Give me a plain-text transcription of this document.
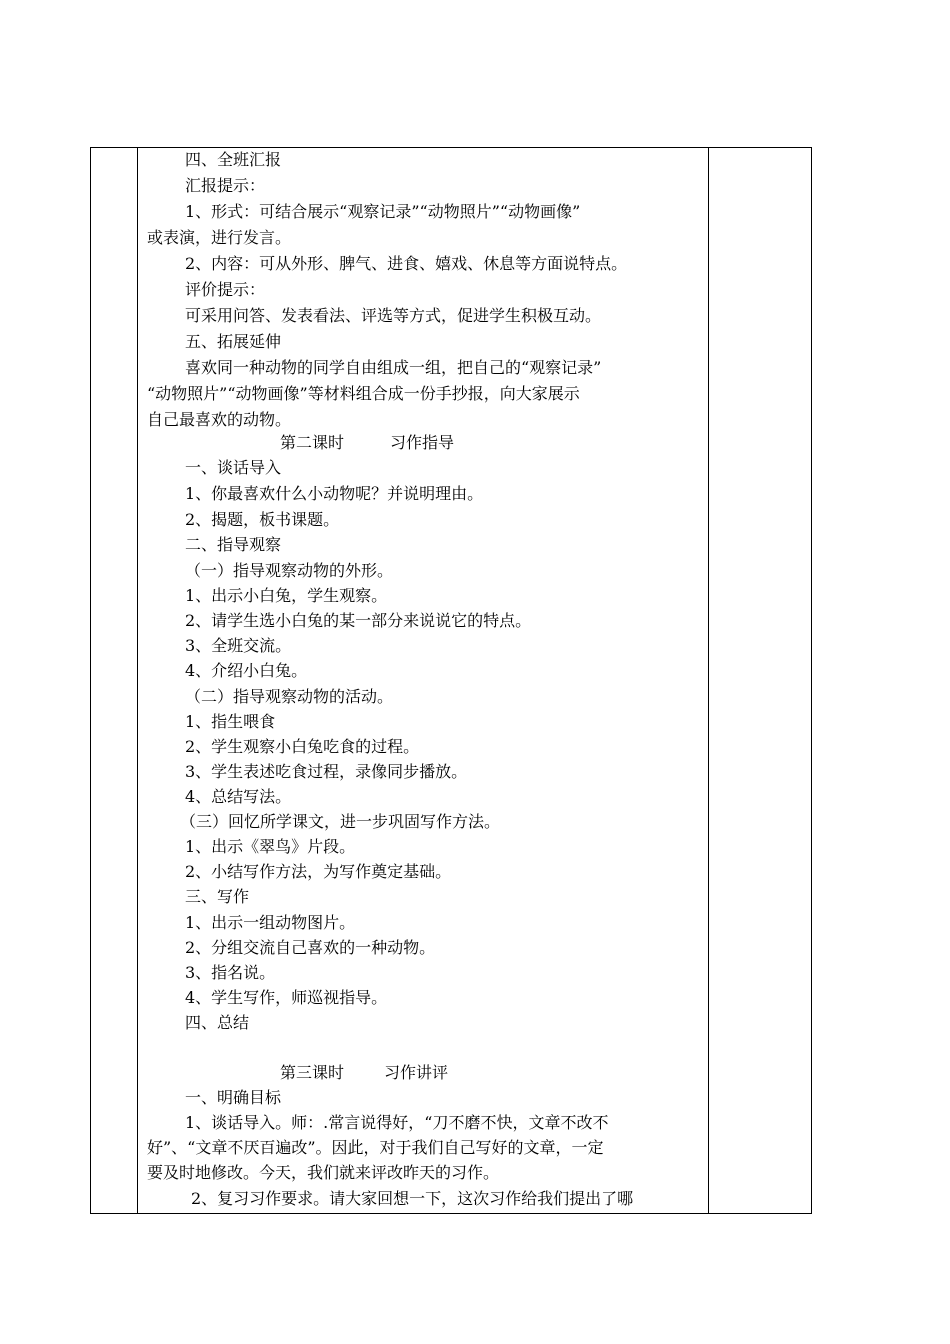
四、全班汇报
汇报提示：
1、形式：可结合展示“观察记录”“动物照片”“动物画像”
或表演，进行发言。
2、内容：可从外形、脾气、进食、嬉戏、休息等方面说特点。
评价提示：
可采用问答、发表看法、评选等方式，促进学生积极互动。
五、拓展延伸
喜欢同一种动物的同学自由组成一组，把自己的“观察记录”
“动物照片”“动物画像”等材料组合成一份手抄报，向大家展示
自己最喜欢的动物。
第二课时	习作指导
一、谈话导入
1、你最喜欢什么小动物呢？并说明理由。
2、揭题，板书课题。
二、指导观察
（一）指导观察动物的外形。
1、出示小白兔，学生观察。
2、请学生选小白兔的某一部分来说说它的特点。
3、全班交流。
4、介绍小白兔。
（二）指导观察动物的活动。
1、指生喂食
2、学生观察小白兔吃食的过程。
3、学生表述吃食过程，录像同步播放。
4、总结写法。
（三）回忆所学课文，进一步巩固写作方法。
1、出示《翠鸟》片段。
2、小结写作方法，为写作奠定基础。
三、写作
1、出示一组动物图片。
2、分组交流自己喜欢的一种动物。
3、指名说。
4、学生写作，师巡视指导。
四、总结
第三课时	习作讲评
一、明确目标
1、谈话导入。师：.常言说得好，“刀不磨不快，文章不改不
好”、“文章不厌百遍改”。因此，对于我们自己写好的文章，一定
要及时地修改。今天，我们就来评改昨天的习作。
2、复习习作要求。请大家回想一下，这次习作给我们提出了哪
